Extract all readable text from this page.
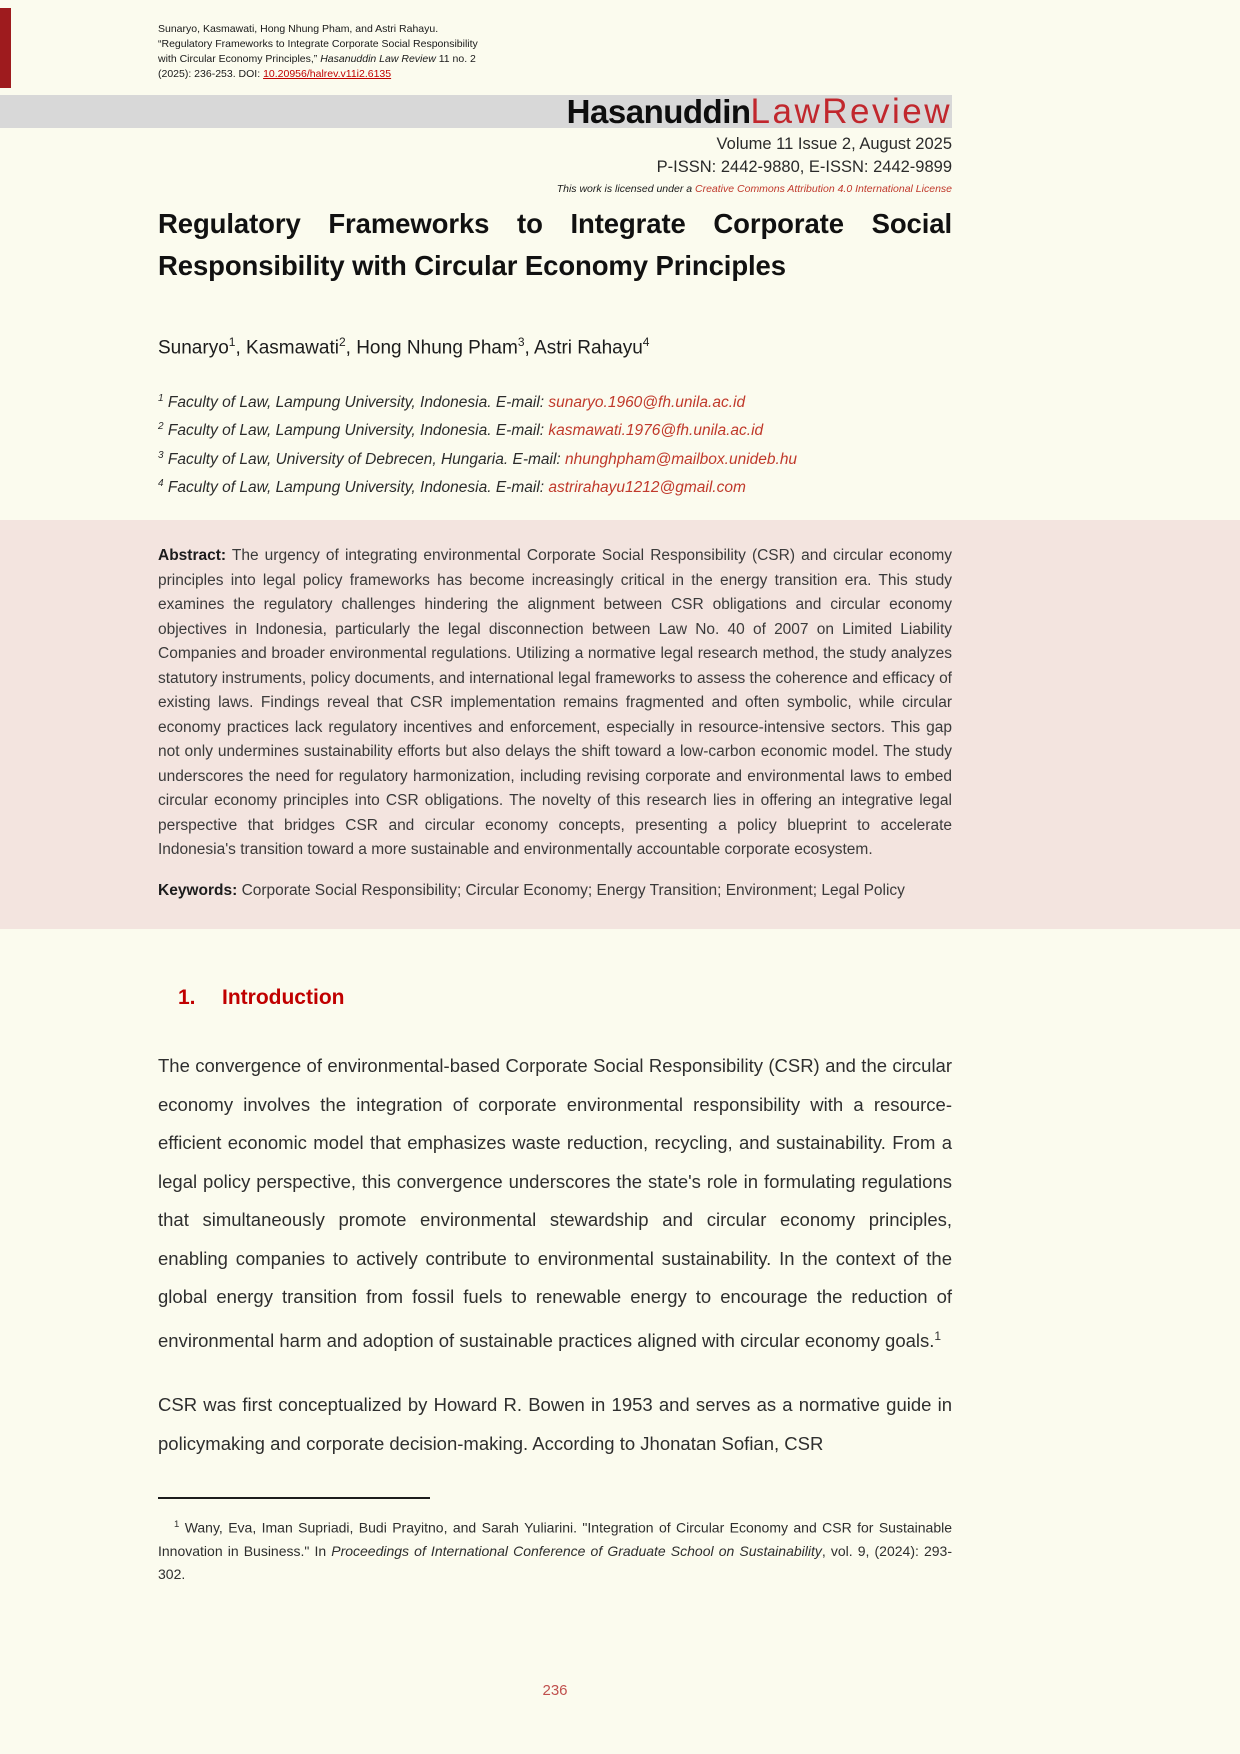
Sunaryo, Kasmawati, Hong Nhung Pham, and Astri Rahayu. “Regulatory Frameworks to Integrate Corporate Social Responsibility with Circular Economy Principles,” Hasanuddin Law Review 11 no. 2 (2025): 236-253. DOI: 10.20956/halrev.v11i2.6135
Hasanuddin LawReview
Volume 11 Issue 2, August 2025
P-ISSN: 2442-9880, E-ISSN: 2442-9899
This work is licensed under a Creative Commons Attribution 4.0 International License
Regulatory Frameworks to Integrate Corporate Social Responsibility with Circular Economy Principles
Sunaryo$^1$, Kasmawati$^2$, Hong Nhung Pham$^3$, Astri Rahayu$^4$
$^1$ Faculty of Law, Lampung University, Indonesia. E-mail: sunaryo.1960@fh.unila.ac.id
$^2$ Faculty of Law, Lampung University, Indonesia. E-mail: kasmawati.1976@fh.unila.ac.id
$^3$ Faculty of Law, University of Debrecen, Hungaria. E-mail: nhunghpham@mailbox.unideb.hu
$^4$ Faculty of Law, Lampung University, Indonesia. E-mail: astrirahayu1212@gmail.com

Abstract: The urgency of integrating environmental Corporate Social Responsibility (CSR) and circular economy principles into legal policy frameworks has become increasingly critical in the energy transition era. This study examines the regulatory challenges hindering the alignment between CSR obligations and circular economy objectives in Indonesia, particularly the legal disconnection between Law No. 40 of 2007 on Limited Liability Companies and broader environmental regulations. Utilizing a normative legal research method, the study analyzes statutory instruments, policy documents, and international legal frameworks to assess the coherence and efficacy of existing laws. Findings reveal that CSR implementation remains fragmented and often symbolic, while circular economy practices lack regulatory incentives and enforcement, especially in resource-intensive sectors. This gap not only undermines sustainability efforts but also delays the shift toward a low-carbon economic model. The study underscores the need for regulatory harmonization, including revising corporate and environmental laws to embed circular economy principles into CSR obligations. The novelty of this research lies in offering an integrative legal perspective that bridges CSR and circular economy concepts, presenting a policy blueprint to accelerate Indonesia's transition toward a more sustainable and environmentally accountable corporate ecosystem.

Keywords: Corporate Social Responsibility; Circular Economy; Energy Transition; Environment; Legal Policy

1. Introduction

The convergence of environmental-based Corporate Social Responsibility (CSR) and the circular economy involves the integration of corporate environmental responsibility with a resource-efficient economic model that emphasizes waste reduction, recycling, and sustainability. From a legal policy perspective, this convergence underscores the state's role in formulating regulations that simultaneously promote environmental stewardship and circular economy principles, enabling companies to actively contribute to environmental sustainability. In the context of the global energy transition from fossil fuels to renewable energy to encourage the reduction of environmental harm and adoption of sustainable practices aligned with circular economy goals.$^1$

CSR was first conceptualized by Howard R. Bowen in 1953 and serves as a normative guide in policymaking and corporate decision-making. According to Jhonatan Sofian, CSR

$^1$ Wany, Eva, Iman Supriadi, Budi Prayitno, and Sarah Yuliarini. "Integration of Circular Economy and CSR for Sustainable Innovation in Business." In Proceedings of International Conference of Graduate School on Sustainability, vol. 9, (2024): 293-302.

236
